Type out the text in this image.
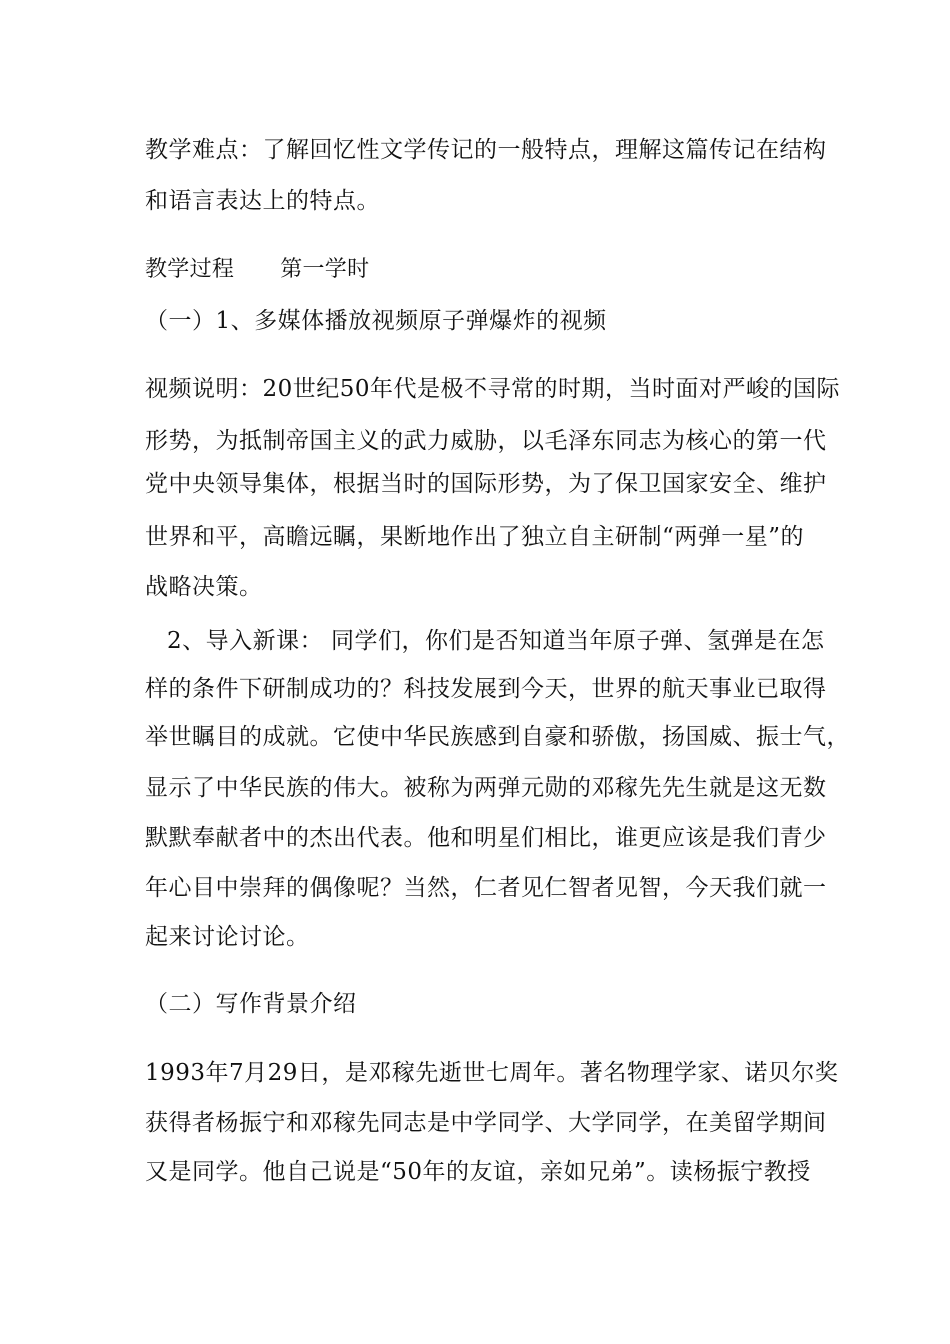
教学难点：了解回忆性文学传记的一般特点，理解这篇传记在结构
和语言表达上的特点。
教学过程 第一学时
（一）1、多媒体播放视频原子弹爆炸的视频
视频说明：20世纪50年代是极不寻常的时期，当时面对严峻的国际
形势，为抵制帝国主义的武力威胁，以毛泽东同志为核心的第一代
党中央领导集体，根据当时的国际形势，为了保卫国家安全、维护
世界和平，高瞻远瞩，果断地作出了独立自主研制“两弹一星”的
战略决策。
2、导入新课： 同学们，你们是否知道当年原子弹、氢弹是在怎
样的条件下研制成功的？科技发展到今天，世界的航天事业已取得
举世瞩目的成就。它使中华民族感到自豪和骄傲，扬国威、振士气，
显示了中华民族的伟大。被称为两弹元勋的邓稼先先生就是这无数
默默奉献者中的杰出代表。他和明星们相比，谁更应该是我们青少
年心目中崇拜的偶像呢？当然，仁者见仁智者见智，今天我们就一
起来讨论讨论。
（二）写作背景介绍
1993年7月29日，是邓稼先逝世七周年。著名物理学家、诺贝尔奖
获得者杨振宁和邓稼先同志是中学同学、大学同学，在美留学期间
又是同学。他自己说是“50年的友谊，亲如兄弟”。读杨振宁教授
